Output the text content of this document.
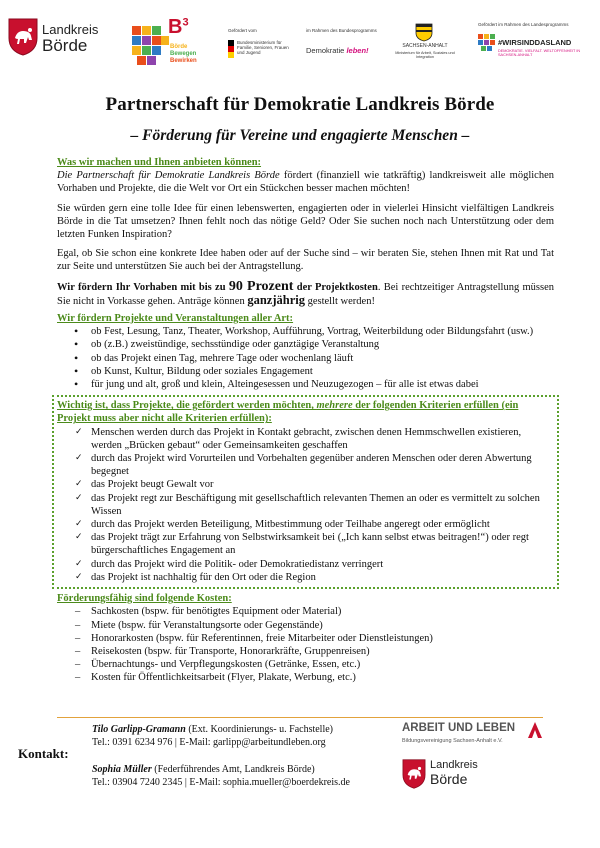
Landkreis
Börde
$B^3$
Börde
Bewegen
Bewirken
Gefördert vom
Bundesministerium für Familie, Senioren, Frauen und Jugend
im Rahmen des Bundesprogramms
Demokratie leben!	SACHSEN-ANHALT
Ministerium für Arbeit, Soziales und Integration
Gefördert im Rahmen des Landesprogramms
#WIRSINDDASLAND
DEMOKRATIE. VIELFALT. WELTOFFENHEIT IN SACHSEN-ANHALT
Partnerschaft für Demokratie Landkreis Börde
– Förderung für Vereine und engagierte Menschen –
Was wir machen und Ihnen anbieten können:

Die Partnerschaft für Demokratie Landkreis Börde fördert (finanziell wie tatkräftig) landkreisweit alle möglichen Vorhaben und Projekte, die die Welt vor Ort ein Stückchen besser machen möchten!

Sie würden gern eine tolle Idee für einen lebenswerten, engagierten oder in vielerlei Hinsicht vielfältigen Landkreis Börde in die Tat umsetzen? Ihnen fehlt noch das nötige Geld? Oder Sie suchen noch nach Unterstützung oder dem letzten Funken Inspiration?

Egal, ob Sie schon eine konkrete Idee haben oder auf der Suche sind – wir beraten Sie, stehen Ihnen mit Rat und Tat zur Seite und unterstützen Sie auch bei der Antragstellung.

Wir fördern Ihr Vorhaben mit bis zu 90 Prozent der Projektkosten. Bei rechtzeitiger Antragstellung müssen Sie nicht in Vorkasse gehen. Anträge können ganzjährig gestellt werden!

Wir fördern Projekte und Veranstaltungen aller Art:
• ob Fest, Lesung, Tanz, Theater, Workshop, Aufführung, Vortrag, Weiterbildung oder Bildungsfahrt (usw.)
• ob (z.B.) zweistündige, sechsstündige oder ganztägige Veranstaltung
• ob das Projekt einen Tag, mehrere Tage oder wochenlang läuft
• ob Kunst, Kultur, Bildung oder soziales Engagement
• für jung und alt, groß und klein, Alteingesessen und Neuzugezogen – für alle ist etwas dabei
Wichtig ist, dass Projekte, die gefördert werden möchten, mehrere der folgenden Kriterien erfüllen (ein Projekt muss aber nicht alle Kriterien erfüllen):
✓ Menschen werden durch das Projekt in Kontakt gebracht, zwischen denen Hemmschwellen existieren, werden „Brücken gebaut“ oder Gemeinsamkeiten geschaffen
✓ durch das Projekt wird Vorurteilen und Vorbehalten gegenüber anderen Menschen oder deren Abwertung begegnet
✓ das Projekt beugt Gewalt vor
✓ das Projekt regt zur Beschäftigung mit gesellschaftlich relevanten Themen an oder es vermittelt zu solchen Wissen
✓ durch das Projekt werden Beteiligung, Mitbestimmung oder Teilhabe angeregt oder ermöglicht
✓ das Projekt trägt zur Erfahrung von Selbstwirksamkeit bei („Ich kann selbst etwas beitragen!“) oder regt bürgerschaftliches Engagement an
✓ durch das Projekt wird die Politik- oder Demokratiedistanz verringert
✓ das Projekt ist nachhaltig für den Ort oder die Region
Förderungsfähig sind folgende Kosten:
– Sachkosten (bspw. für benötigtes Equipment oder Material)
– Miete (bspw. für Veranstaltungsorte oder Gegenstände)
– Honorarkosten (bspw. für Referentinnen, freie Mitarbeiter oder Dienstleistungen)
– Reisekosten (bspw. für Transporte, Honorarkräfte, Gruppenreisen)
– Übernachtungs- und Verpflegungskosten (Getränke, Essen, etc.)
– Kosten für Öffentlichkeitsarbeit (Flyer, Plakate, Werbung, etc.)
Kontakt:
Tilo Garlipp-Gramann (Ext. Koordinierungs- u. Fachstelle)
Tel.: 0391 6234 976 | E-Mail: garlipp@arbeitundleben.org
Sophia Müller (Federführendes Amt, Landkreis Börde)
Tel.: 03904 7240 2345 | E-Mail: sophia.mueller@boerdekreis.de
ARBEIT UND LEBEN
Bildungsvereinigung Sachsen-Anhalt e.V.
Landkreis
Börde
